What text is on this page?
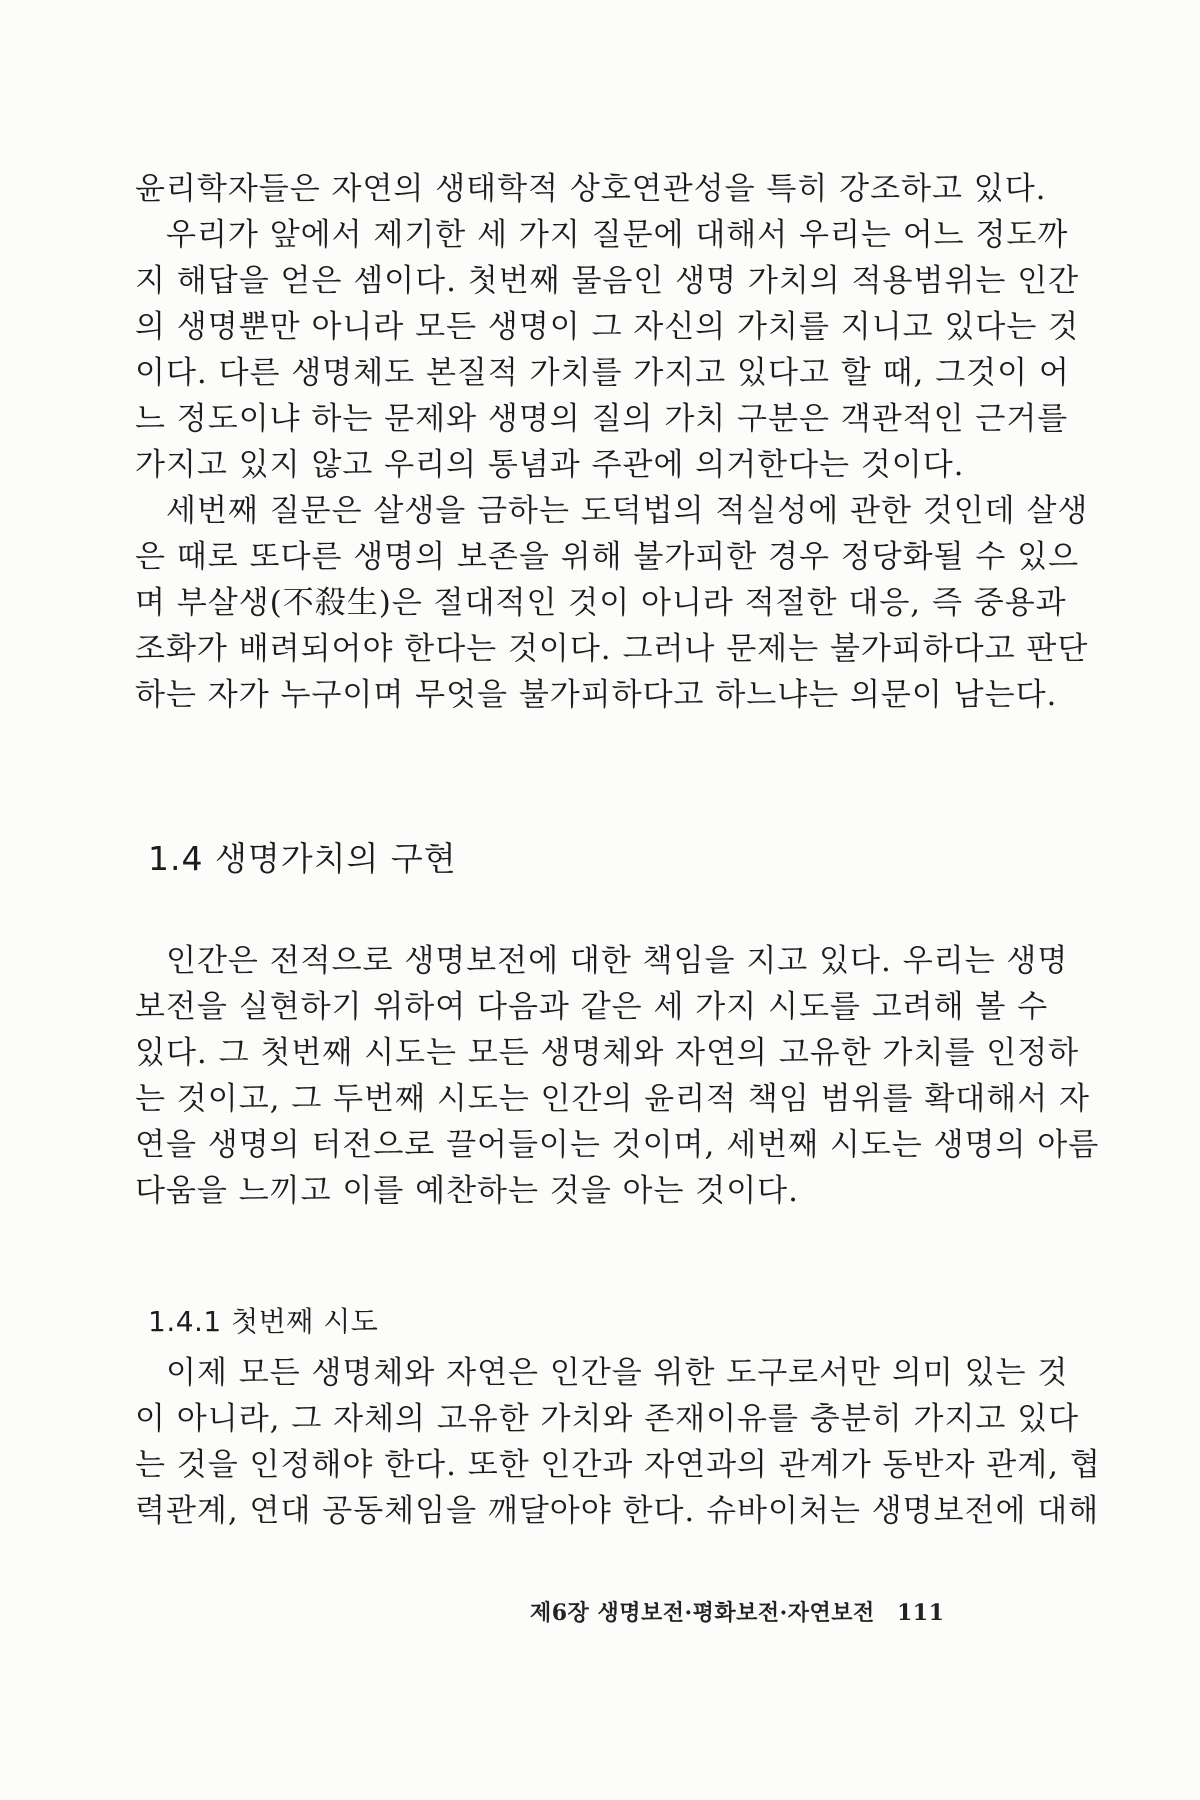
윤리학자들은 자연의 생태학적 상호연관성을 특히 강조하고 있다.
우리가 앞에서 제기한 세 가지 질문에 대해서 우리는 어느 정도까
지 해답을 얻은 셈이다. 첫번째 물음인 생명 가치의 적용범위는 인간
의 생명뿐만 아니라 모든 생명이 그 자신의 가치를 지니고 있다는 것
이다. 다른 생명체도 본질적 가치를 가지고 있다고 할 때, 그것이 어
느 정도이냐 하는 문제와 생명의 질의 가치 구분은 객관적인 근거를
가지고 있지 않고 우리의 통념과 주관에 의거한다는 것이다.
세번째 질문은 살생을 금하는 도덕법의 적실성에 관한 것인데 살생
은 때로 또다른 생명의 보존을 위해 불가피한 경우 정당화될 수 있으
며 부살생(不殺生)은 절대적인 것이 아니라 적절한 대응, 즉 중용과
조화가 배려되어야 한다는 것이다. 그러나 문제는 불가피하다고 판단
하는 자가 누구이며 무엇을 불가피하다고 하느냐는 의문이 남는다.
1.4 생명가치의 구현
인간은 전적으로 생명보전에 대한 책임을 지고 있다. 우리는 생명
보전을 실현하기 위하여 다음과 같은 세 가지 시도를 고려해 볼 수
있다. 그 첫번째 시도는 모든 생명체와 자연의 고유한 가치를 인정하
는 것이고, 그 두번째 시도는 인간의 윤리적 책임 범위를 확대해서 자
연을 생명의 터전으로 끌어들이는 것이며, 세번째 시도는 생명의 아름
다움을 느끼고 이를 예찬하는 것을 아는 것이다.
1.4.1 첫번째 시도
이제 모든 생명체와 자연은 인간을 위한 도구로서만 의미 있는 것
이 아니라, 그 자체의 고유한 가치와 존재이유를 충분히 가지고 있다
는 것을 인정해야 한다. 또한 인간과 자연과의 관계가 동반자 관계, 협
력관계, 연대 공동체임을 깨달아야 한다. 슈바이처는 생명보전에 대해
제6장 생명보전·평화보전·자연보전 111
